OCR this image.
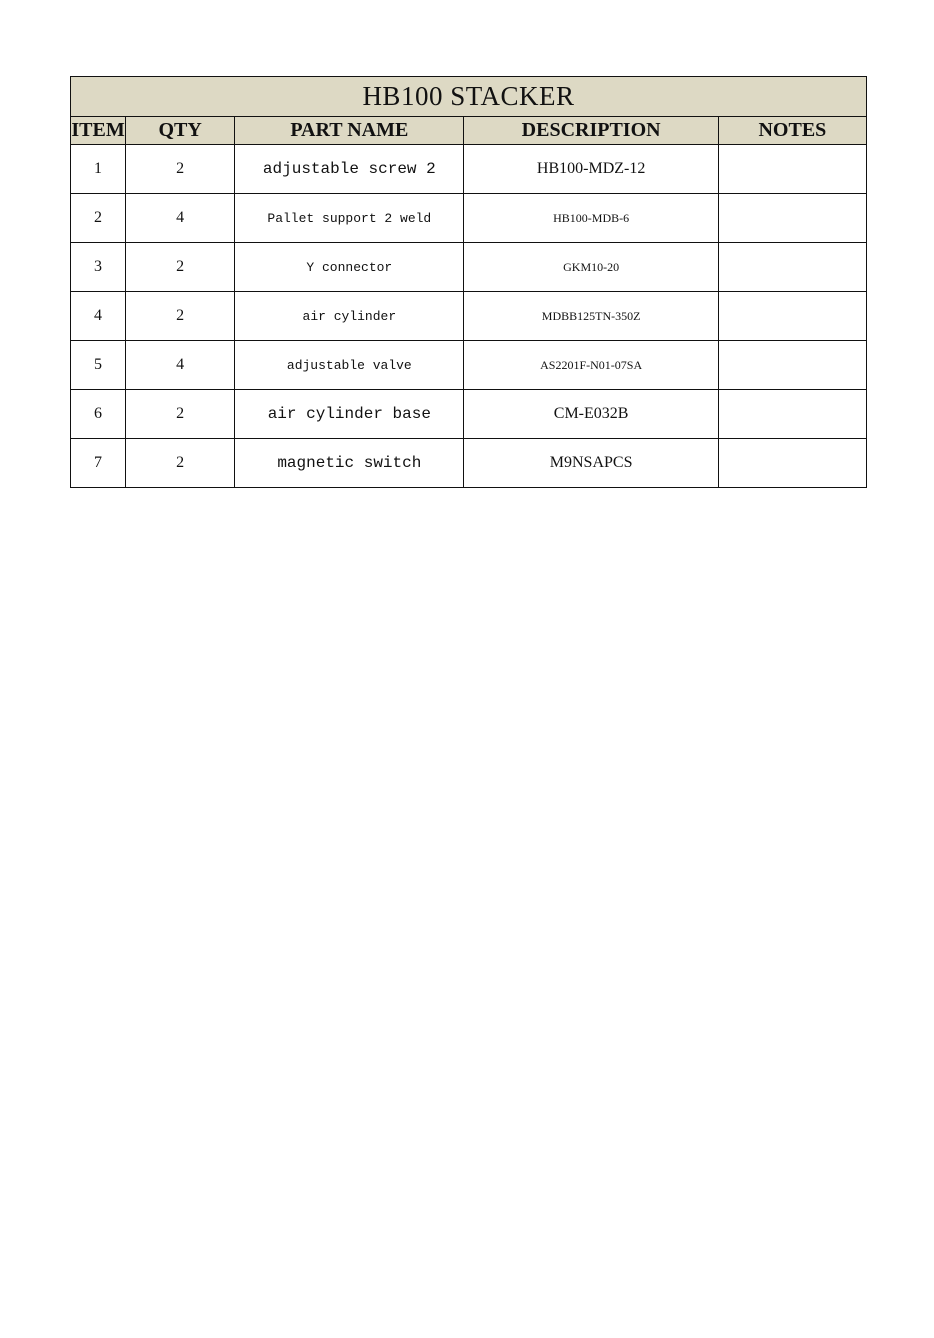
HB100 STACKER				
ITEM	QTY	PART NAME	DESCRIPTION	NOTES
1	2	adjustable screw 2	HB100-MDZ-12	
2	4	Pallet support 2 weld	HB100-MDB-6	
3	2	Y connector	GKM10-20	
4	2	air cylinder	MDBB125TN-350Z	
5	4	adjustable valve	AS2201F-N01-07SA	
6	2	air cylinder base	CM-E032B	
7	2	magnetic switch	M9NSAPCS	
